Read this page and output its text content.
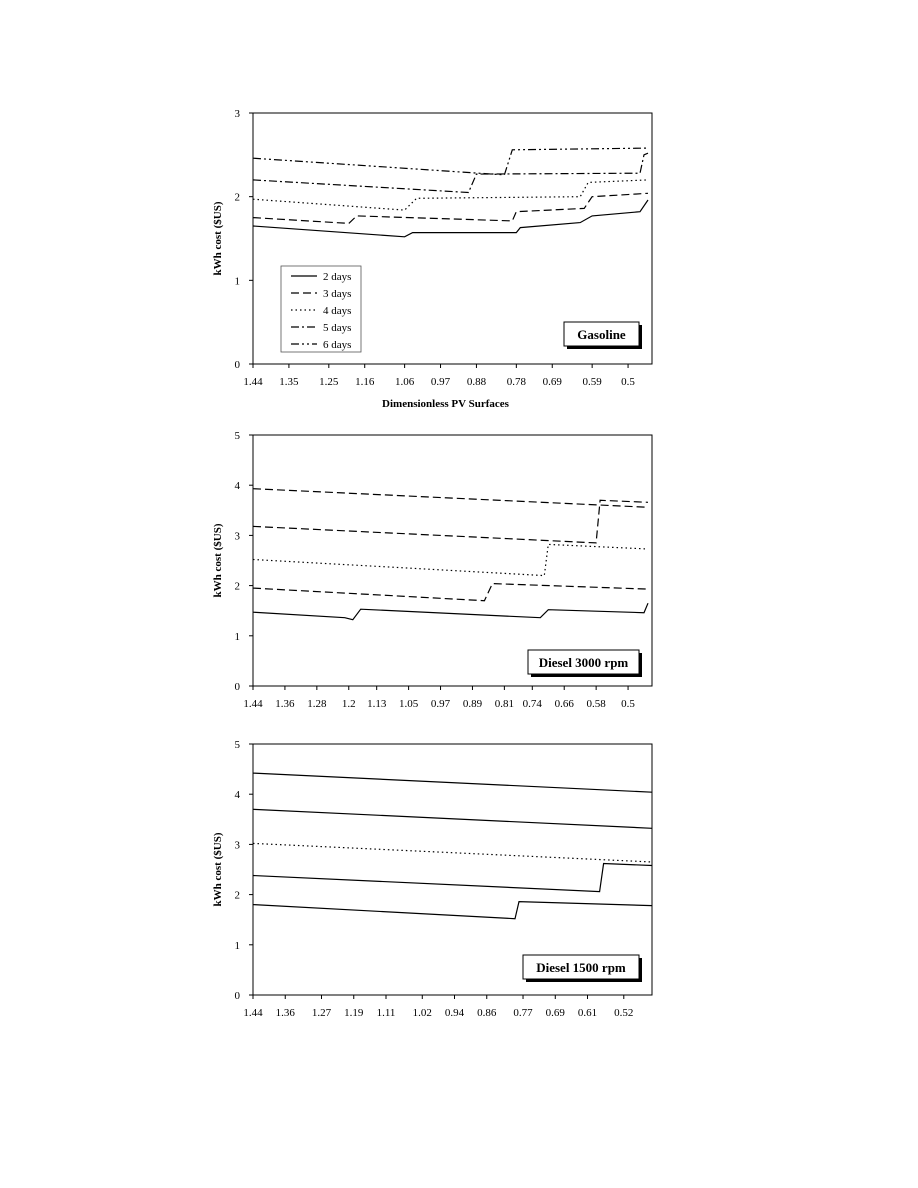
0
1
2
3
1.44 1.35 1.25 1.16 1.06 0.97 0.88 0.78 0.69 0.59 0.5
kWh cost ($US)
Dimensionless PV Surfaces
Gasoline
2 days
3 days
4 days
5 days
6 days
0
1
2
3
4
5
1.44 1.36 1.28 1.2 1.13 1.05 0.97 0.89 0.81 0.74 0.66 0.58 0.5
kWh cost ($US)
Diesel 3000 rpm
0
1
2
3
4
5
1.44 1.36 1.27 1.19 1.11 1.02 0.94 0.86 0.77 0.69 0.61 0.52
kWh cost ($US)
Diesel 1500 rpm
